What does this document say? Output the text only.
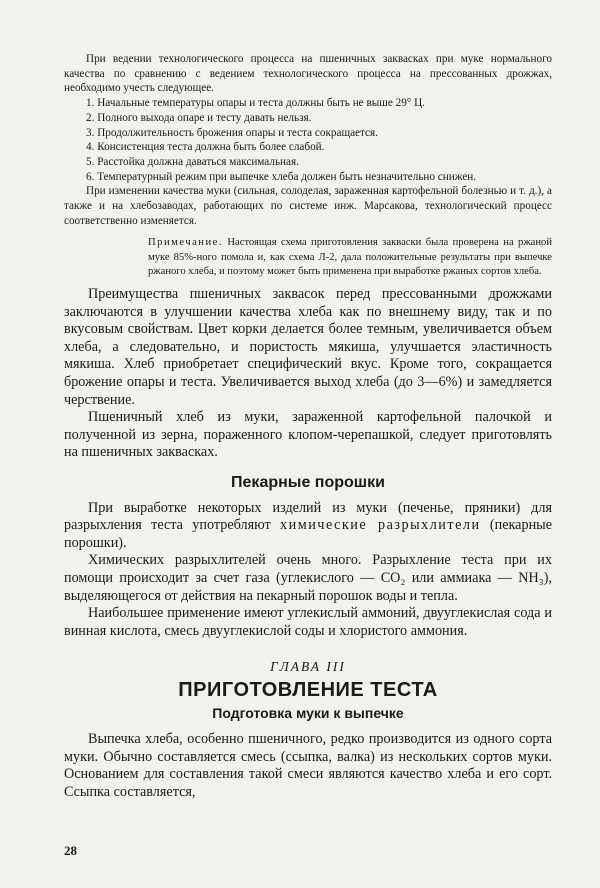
При ведении технологического процесса на пшеничных заквасках при муке нормального качества по сравнению с ведением технологического процесса на прессованных дрожжах, необходимо учесть следующее.

1. Начальные температуры опары и теста должны быть не выше 29° Ц.

2. Полного выхода опаре и тесту давать нельзя.

3. Продолжительность брожения опары и теста сокращается.

4. Консистенция теста должна быть более слабой.

5. Расстойка должна даваться максимальная.

6. Температурный режим при выпечке хлеба должен быть незначительно снижен.

При изменении качества муки (сильная, солоделая, зараженная картофельной болезнью и т. д.), а также и на хлебозаводах, работающих по системе инж. Марсакова, технологический процесс соответственно изменяется.

Примечание. Настоящая схема приготовления закваски была проверена на ржаной муке 85%-ного помола и, как схема Л-2, дала положительные результаты при выпечке ржаного хлеба, и поэтому может быть применена при выработке ржаных сортов хлеба.

Преимущества пшеничных заквасок перед прессованными дрожжами заключаются в улучшении качества хлеба как по внешнему виду, так и по вкусовым свойствам. Цвет корки делается более темным, увеличивается объем хлеба, а следовательно, и пористость мякиша, улучшается эластичность мякиша. Хлеб приобретает специфический вкус. Кроме того, сокращается брожение опары и теста. Увеличивается выход хлеба (до 3—6%) и замедляется черствение.

Пшеничный хлеб из муки, зараженной картофельной палочкой и полученной из зерна, пораженного клопом-черепашкой, следует приготовлять на пшеничных заквасках.

Пекарные порошки

При выработке некоторых изделий из муки (печенье, пряники) для разрыхления теста употребляют химические разрыхлители (пекарные порошки).

Химических разрыхлителей очень много. Разрыхление теста при их помощи происходит за счет газа (углекислого — CO₂ или аммиака — NH₃), выделяющегося от действия на пекарный порошок воды и тепла.

Наибольшее применение имеют углекислый аммоний, двууглекислая сода и винная кислота, смесь двууглекислой соды и хлористого аммония.

ГЛАВА III
ПРИГОТОВЛЕНИЕ ТЕСТА
Подготовка муки к выпечке

Выпечка хлеба, особенно пшеничного, редко производится из одного сорта муки. Обычно составляется смесь (ссыпка, валка) из нескольких сортов муки. Основанием для составления такой смеси являются качество хлеба и его сорт. Ссыпка составляется,

28
